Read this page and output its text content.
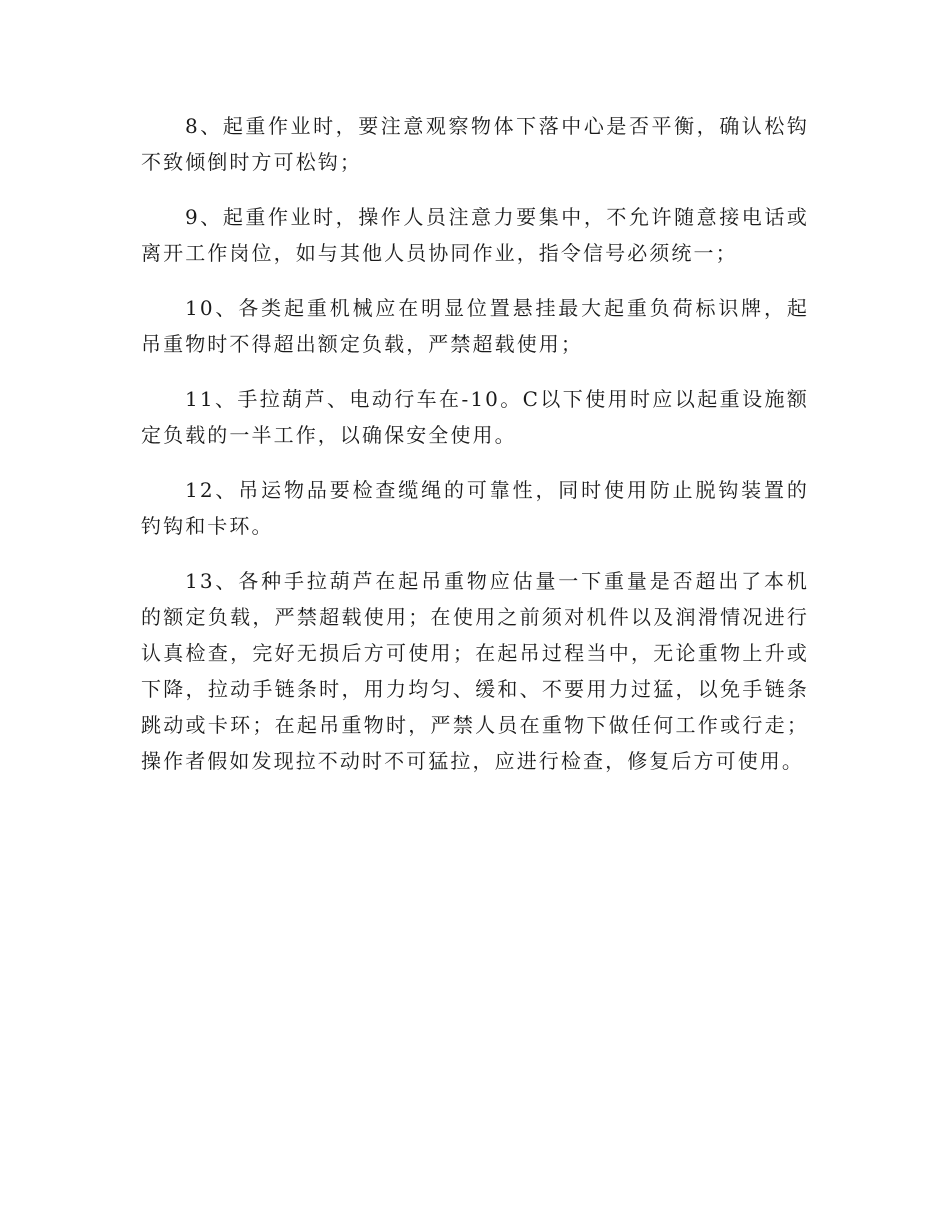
8、起重作业时，要注意观察物体下落中心是否平衡，确认松钩不致倾倒时方可松钩；

9、起重作业时，操作人员注意力要集中，不允许随意接电话或离开工作岗位，如与其他人员协同作业，指令信号必须统一；

10、各类起重机械应在明显位置悬挂最大起重负荷标识牌，起吊重物时不得超出额定负载，严禁超载使用；

11、手拉葫芦、电动行车在-10。C以下使用时应以起重设施额定负载的一半工作，以确保安全使用。

12、吊运物品要检查缆绳的可靠性，同时使用防止脱钩装置的钓钩和卡环。

13、各种手拉葫芦在起吊重物应估量一下重量是否超出了本机的额定负载，严禁超载使用；在使用之前须对机件以及润滑情况进行认真检查，完好无损后方可使用；在起吊过程当中，无论重物上升或下降，拉动手链条时，用力均匀、缓和、不要用力过猛，以免手链条跳动或卡环；在起吊重物时，严禁人员在重物下做任何工作或行走；操作者假如发现拉不动时不可猛拉，应进行检查，修复后方可使用。
